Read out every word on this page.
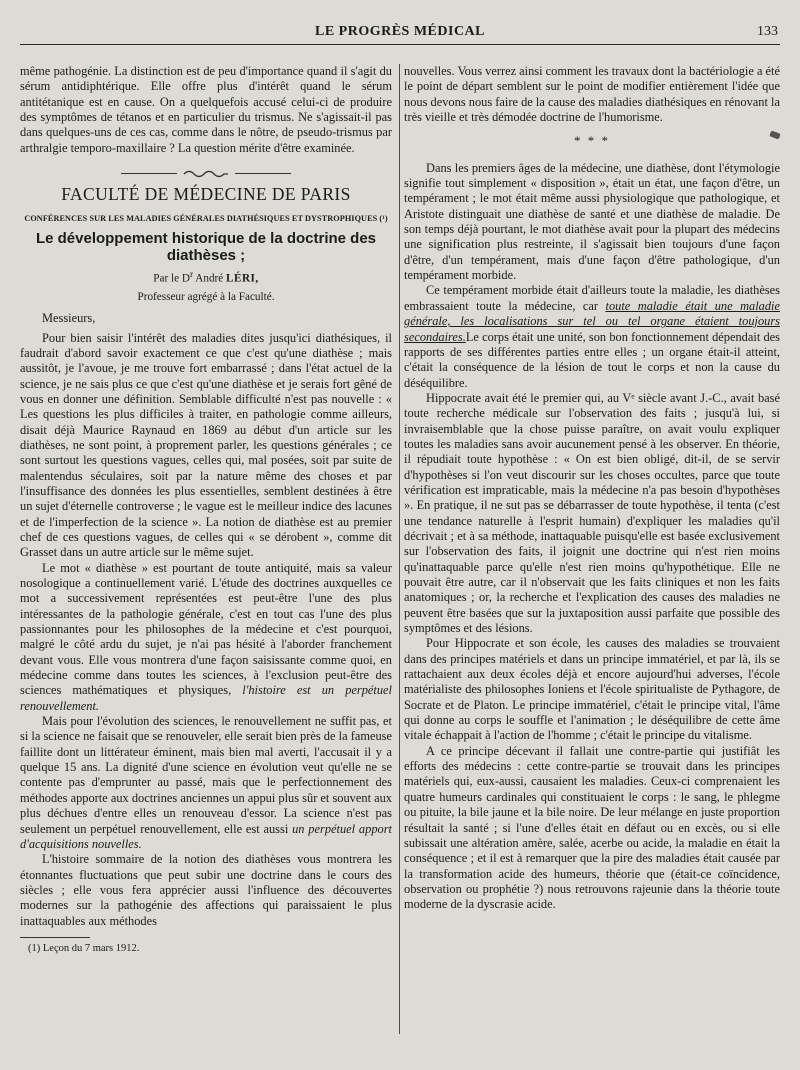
LE PROGRÈS MÉDICAL	133

même pathogénie. La distinction est de peu d'importance quand il s'agit du sérum antidiphtérique. Elle offre plus d'intérêt quand le sérum antitétanique est en cause. On a quelquefois accusé celui-ci de produire des symptômes de tétanos et en particulier du trismus. Ne s'agissait-il pas dans quelques-uns de ces cas, comme dans le nôtre, de pseudo-trismus par arthralgie temporo-maxillaire ? La question mérite d'être examinée.

FACULTÉ DE MÉDECINE DE PARIS
CONFÉRENCES SUR LES MALADIES GÉNÉRALES DIATHÉSIQUES ET DYSTROPHIQUES (¹)
Le développement historique de la doctrine des diathèses ;
Par le $D^r$ André LÉRI,
Professeur agrégé à la Faculté.

Messieurs,

Pour bien saisir l'intérêt des maladies dites jusqu'ici diathésiques, il faudrait d'abord savoir exactement ce que c'est qu'une diathèse ; mais aussitôt, je l'avoue, je me trouve fort embarrassé ; dans l'état actuel de la science, je ne sais plus ce que c'est qu'une diathèse et je serais fort gêné de vous en donner une définition. Semblable difficulté n'est pas nouvelle : « Les questions les plus difficiles à traiter, en pathologie comme ailleurs, disait déjà Maurice Raynaud en 1869 au début d'un article sur les diathèses, ne sont point, à proprement parler, les questions générales ; ce sont surtout les questions vagues, celles qui, mal posées, soit par suite de malentendus séculaires, soit par la nature même des choses et par l'insuffisance des données les plus essentielles, semblent destinées à être un sujet d'éternelle controverse ; le vague est le meilleur indice des lacunes et de l'imperfection de la science ». La notion de diathèse est au premier chef de ces questions vagues, de celles qui « se dérobent », comme dit Grasset dans un autre article sur le même sujet.

Le mot « diathèse » est pourtant de toute antiquité, mais sa valeur nosologique a continuellement varié. L'étude des doctrines auxquelles ce mot a successivement représentées est peut-être l'une des plus intéressantes de la pathologie générale, c'est en tout cas l'une des plus passionnantes pour les philosophes de la médecine et c'est pourquoi, malgré le côté ardu du sujet, je n'ai pas hésité à l'aborder franchement devant vous. Elle vous montrera d'une façon saisissante comme quoi, en médecine comme dans toutes les sciences, à l'exclusion peut-être des sciences mathématiques et physiques, l'histoire est un perpétuel renouvellement.

Mais pour l'évolution des sciences, le renouvellement ne suffit pas, et si la science ne faisait que se renouveler, elle serait bien près de la fameuse faillite dont un littérateur éminent, mais bien mal averti, l'accusait il y a quelque 15 ans. La dignité d'une science en évolution veut qu'elle ne se contente pas d'emprunter au passé, mais que le perfectionnement des méthodes apporte aux doctrines anciennes un appui plus sûr et souvent aux plus déchues d'entre elles un renouveau d'essor. La science n'est pas seulement un perpétuel renouvellement, elle est aussi un perpétuel apport d'acquisitions nouvelles.

L'histoire sommaire de la notion des diathèses vous montrera les étonnantes fluctuations que peut subir une doctrine dans le cours des siècles ; elle vous fera apprécier aussi l'influence des découvertes modernes sur la pathogénie des affections qui paraissaient le plus inattaquables aux méthodes

(1) Leçon du 7 mars 1912.

nouvelles. Vous verrez ainsi comment les travaux dont la bactériologie a été le point de départ semblent sur le point de modifier entièrement l'idée que nous devons nous faire de la cause des maladies diathésiques en rénovant la très vieille et très démodée doctrine de l'humorisme.

* * *

Dans les premiers âges de la médecine, une diathèse, dont l'étymologie signifie tout simplement « disposition », était un état, une façon d'être, un tempérament ; le mot était même aussi physiologique que pathologique, et Aristote distinguait une diathèse de santé et une diathèse de maladie. De son temps déjà pourtant, le mot diathèse avait pour la plupart des médecins une signification plus restreinte, il s'agissait bien toujours d'une façon d'être, d'un tempérament, mais d'une façon d'être pathologique, d'un tempérament morbide.

Ce tempérament morbide était d'ailleurs toute la maladie, les diathèses embrassaient toute la médecine, car toute maladie était une maladie générale, les localisations sur tel ou tel organe étaient toujours secondaires.Le corps était une unité, son bon fonctionnement dépendait des rapports de ses différentes parties entre elles ; un organe était-il atteint, c'était la conséquence de la lésion de tout le corps et non la cause du déséquilibre.

Hippocrate avait été le premier qui, au Vᵉ siècle avant J.-C., avait basé toute recherche médicale sur l'observation des faits ; jusqu'à lui, si invraisemblable que la chose puisse paraître, on avait voulu expliquer toutes les maladies sans avoir aucunement pensé à les observer. En théorie, il répudiait toute hypothèse : « On est bien obligé, dit-il, de se servir d'hypothèses si l'on veut discourir sur les choses occultes, parce que toute vérification est impraticable, mais la médecine n'a pas besoin d'hypothèses ». En pratique, il ne sut pas se débarrasser de toute hypothèse, il tenta (c'est une tendance naturelle à l'esprit humain) d'expliquer les maladies qu'il décrivait ; et à sa méthode, inattaquable puisqu'elle est basée exclusivement sur l'observation des faits, il joignit une doctrine qui n'est rien moins qu'inattaquable parce qu'elle n'est rien moins qu'hypothétique. Elle ne pouvait être autre, car il n'observait que les faits cliniques et non les faits anatomiques ; or, la recherche et l'explication des causes des maladies ne peuvent être basées que sur la juxtaposition aussi parfaite que possible des symptômes et des lésions.

Pour Hippocrate et son école, les causes des maladies se trouvaient dans des principes matériels et dans un principe immatériel, et par là, ils se rattachaient aux deux écoles déjà et encore aujourd'hui adverses, l'école matérialiste des philosophes Ioniens et l'école spiritualiste de Pythagore, de Socrate et de Platon. Le principe immatériel, c'était le principe vital, l'âme qui donne au corps le souffle et l'animation ; le déséquilibre de cette âme vitale échappait à l'action de l'homme ; c'était le principe du vitalisme.

A ce principe décevant il fallait une contre-partie qui justifiât les efforts des médecins : cette contre-partie se trouvait dans les principes matériels qui, eux-aussi, causaient les maladies. Ceux-ci comprenaient les quatre humeurs cardinales qui constituaient le corps : le sang, le phlegme ou pituite, la bile jaune et la bile noire. De leur mélange en juste proportion résultait la santé ; si l'une d'elles était en défaut ou en excès, ou si elle subissait une altération amère, salée, acerbe ou acide, la maladie en était la conséquence ; et il est à remarquer que la pire des maladies était causée par la transformation acide des humeurs, théorie que (était-ce coïncidence, observation ou prophétie ?) nous retrouvons rajeunie dans la théorie toute moderne de la dyscrasie acide.
